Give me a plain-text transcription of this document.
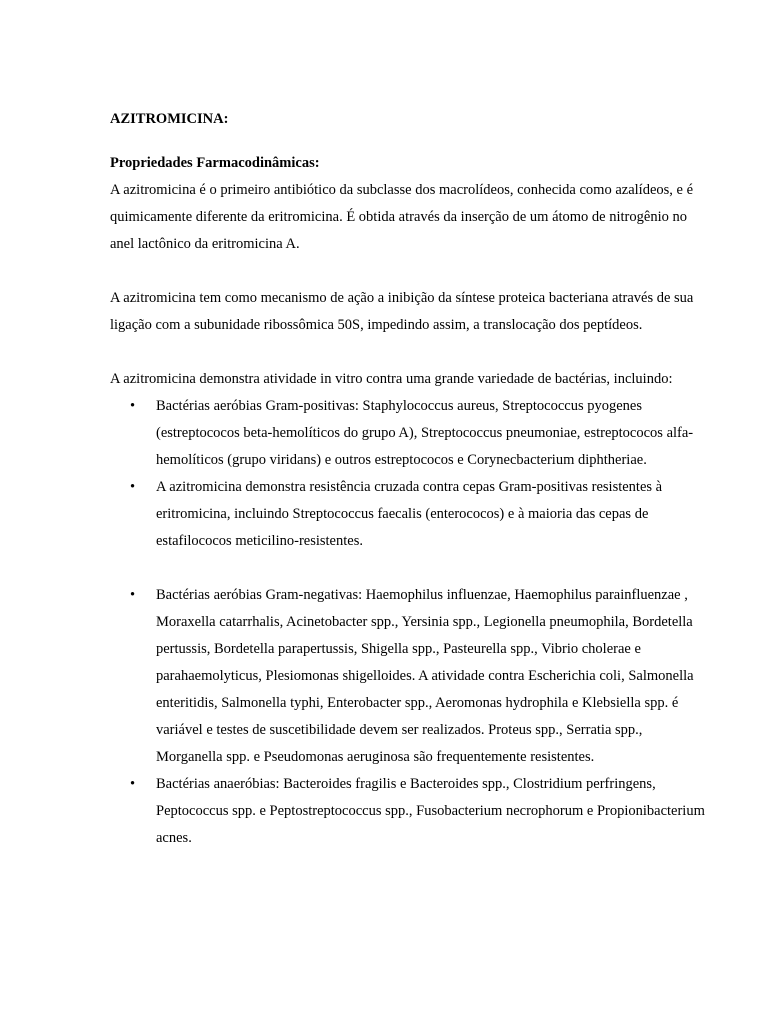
AZITROMICINA:
Propriedades Farmacodinâmicas:

A azitromicina é o primeiro antibiótico da subclasse dos macrolídeos, conhecida como azalídeos, e é quimicamente diferente da eritromicina. É obtida através da inserção de um átomo de nitrogênio no anel lactônico da eritromicina A.

A azitromicina tem como mecanismo de ação a inibição da síntese proteica bacteriana através de sua ligação com a subunidade ribossômica 50S, impedindo assim, a translocação dos peptídeos.

A azitromicina demonstra atividade in vitro contra uma grande variedade de bactérias, incluindo:

• Bactérias aeróbias Gram-positivas: Staphylococcus aureus, Streptococcus pyogenes (estreptococos beta-hemolíticos do grupo A), Streptococcus pneumoniae, estreptococos alfa-hemolíticos (grupo viridans) e outros estreptococos e Corynecbacterium diphtheriae.
• A azitromicina demonstra resistência cruzada contra cepas Gram-positivas resistentes à eritromicina, incluindo Streptococcus faecalis (enterococos) e à maioria das cepas de estafilococos meticilino-resistentes.
• Bactérias aeróbias Gram-negativas: Haemophilus influenzae, Haemophilus parainfluenzae , Moraxella catarrhalis, Acinetobacter spp., Yersinia spp., Legionella pneumophila, Bordetella pertussis, Bordetella parapertussis, Shigella spp., Pasteurella spp., Vibrio cholerae e parahaemolyticus, Plesiomonas shigelloides. A atividade contra Escherichia coli, Salmonella enteritidis, Salmonella typhi, Enterobacter spp., Aeromonas hydrophila e Klebsiella spp. é variável e testes de suscetibilidade devem ser realizados. Proteus spp., Serratia spp., Morganella spp. e Pseudomonas aeruginosa são frequentemente resistentes.
• Bactérias anaeróbias: Bacteroides fragilis e Bacteroides spp., Clostridium perfringens, Peptococcus spp. e Peptostreptococcus spp., Fusobacterium necrophorum e Propionibacterium acnes.
